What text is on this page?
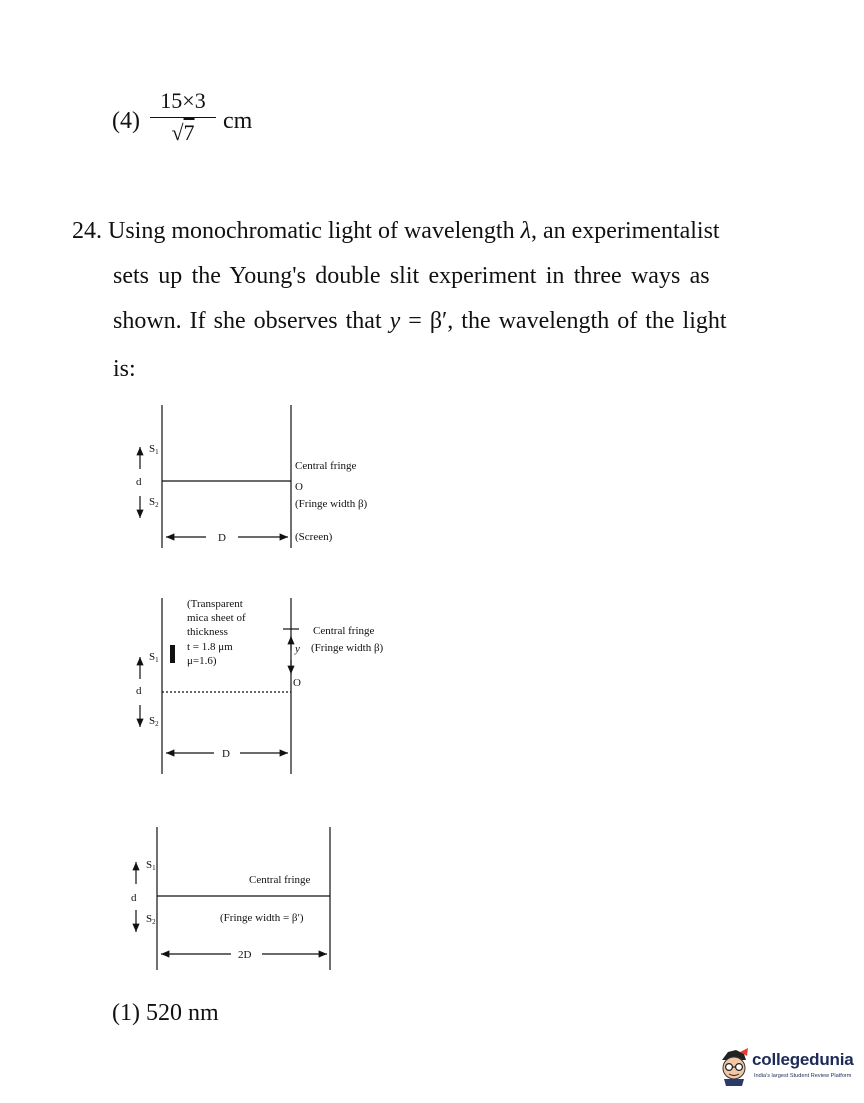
(4)
15×3
√7	cm
24. Using monochromatic light of wavelength λ, an experimentalist
sets up the Young's double slit experiment in three ways as
shown. If she observes that y = β′, the wavelength of the light
is:
S1
d
S2
Central fringe
O
(Fringe width β)
D	(Screen)
(Transparent
mica sheet of
thickness
t = 1.8 μm
μ=1.6)
S1
d
S2
Central fringe
y (Fringe width β)
O
D
S1
d
S2
Central fringe
(Fringe width = β′)
2D
(1) 520 nm
collegedunia
India's largest Student Review Platform
